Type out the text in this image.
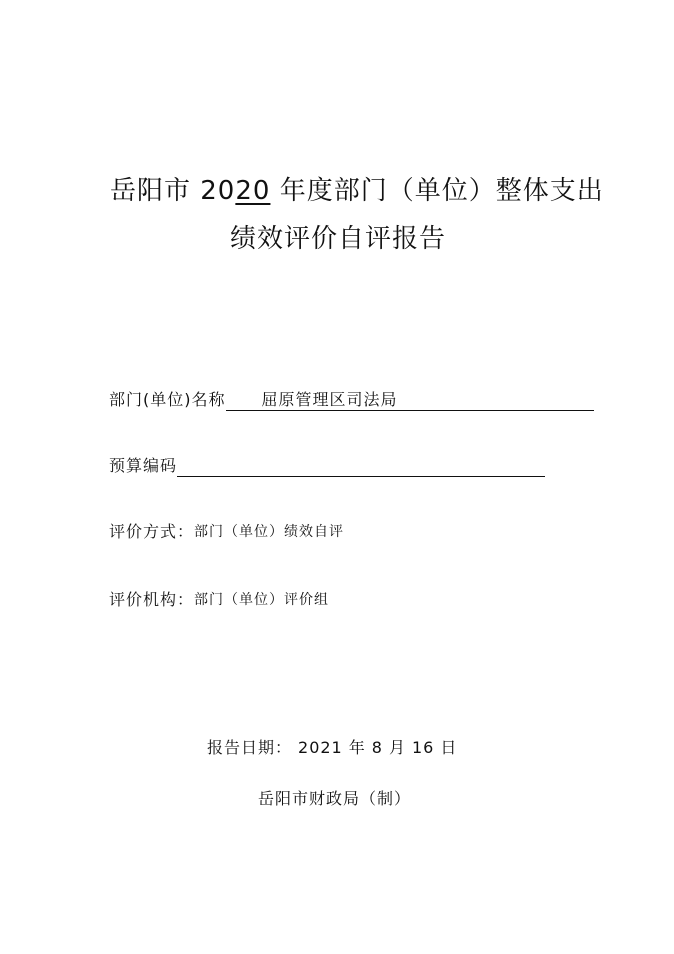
岳阳市 2020 年度部门（单位）整体支出
绩效评价自评报告
部门(单位)名称	屈原管理区司法局
预算编码
评价方式： 部门（单位）绩效自评
评价机构： 部门（单位）评价组
报告日期： 2021 年 8 月 16 日
岳阳市财政局（制）
